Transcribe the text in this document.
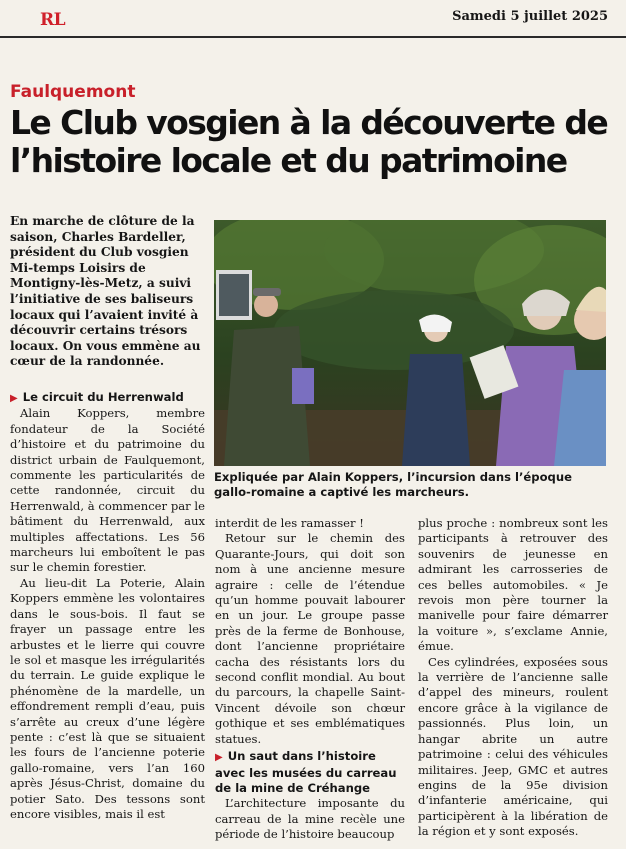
RL	Samedi 5 juillet 2025
Faulquemont
Le Club vosgien à la découverte de l’histoire locale et du patrimoine
En marche de clôture de la saison, Charles Bardeller, président du Club vosgien Mi-temps Loisirs de Montigny-lès-Metz, a suivi l’initiative de ses baliseurs locaux qui l’avaient invité à découvrir certains trésors locaux. On vous emmène au cœur de la randonnée.
Expliquée par Alain Koppers, l’incursion dans l’époque gallo-romaine a captivé les marcheurs.
▶ Le circuit du Herrenwald

Alain Koppers, membre fondateur de la Société d’histoire et du patrimoine du district urbain de Faulquemont, commente les particularités de cette randonnée, circuit du Herrenwald, à commencer par le bâtiment du Herrenwald, aux multiples affectations. Les 56 marcheurs lui emboîtent le pas sur le chemin forestier.

Au lieu-dit La Poterie, Alain Koppers emmène les volontaires dans le sous-bois. Il faut se frayer un passage entre les arbustes et le lierre qui couvre le sol et masque les irrégularités du terrain. Le guide explique le phénomène de la mardelle, un effondrement rempli d’eau, puis s’arrête au creux d’une légère pente : c’est là que se situaient les fours de l’ancienne poterie gallo-romaine, vers l’an 160 après Jésus-Christ, domaine du potier Sato. Des tessons sont encore visibles, mais il est

interdit de les ramasser !

Retour sur le chemin des Quarante-Jours, qui doit son nom à une ancienne mesure agraire : celle de l’étendue qu’un homme pouvait labourer en un jour. Le groupe passe près de la ferme de Bonhouse, dont l’ancienne propriétaire cacha des résistants lors du second conflit mondial. Au bout du parcours, la chapelle Saint-Vincent dévoile son chœur gothique et ses emblématiques statues.

▶ Un saut dans l’histoire avec les musées du carreau de la mine de Créhange

L’architecture imposante du carreau de la mine recèle une période de l’histoire beaucoup

plus proche : nombreux sont les participants à retrouver des souvenirs de jeunesse en admirant les carrosseries de ces belles automobiles. « Je revois mon père tourner la manivelle pour faire démarrer la voiture », s’exclame Annie, émue.

Ces cylindrées, exposées sous la verrière de l’ancienne salle d’appel des mineurs, roulent encore grâce à la vigilance de passionnés. Plus loin, un hangar abrite un autre patrimoine : celui des véhicules militaires. Jeep, GMC et autres engins de la 95e division d’infanterie américaine, qui participèrent à la libération de la région et y sont exposés.
